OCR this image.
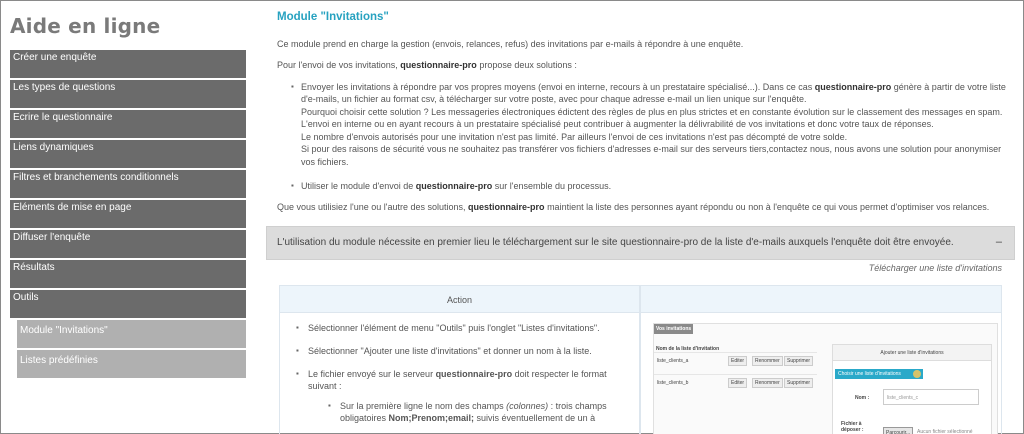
Aide en ligne
Créer une enquête
Les types de questions
Ecrire le questionnaire
Liens dynamiques
Filtres et branchements conditionnels
Eléments de mise en page
Diffuser l'enquête
Résultats
Outils
Module "Invitations"
Listes prédéfinies
Module "Invitations"

Ce module prend en charge la gestion (envois, relances, refus) des invitations par e-mails à répondre à une enquête.

Pour l'envoi de vos invitations, questionnaire-pro propose deux solutions :

▪ Envoyer les invitations à répondre par vos propres moyens (envoi en interne, recours à un prestataire spécialisé...). Dans ce cas questionnaire-pro génère à partir de votre liste d'e-mails, un fichier au format csv, à télécharger sur votre poste, avec pour chaque adresse e-mail un lien unique sur l'enquête.
Pourquoi choisir cette solution ? Les messageries électroniques édictent des règles de plus en plus strictes et en constante évolution sur le classement des messages en spam.
L'envoi en interne ou en ayant recours à un prestataire spécialisé peut contribuer à augmenter la délivrabilité de vos invitations et donc votre taux de réponses.
Le nombre d'envois autorisés pour une invitation n'est pas limité. Par ailleurs l'envoi de ces invitations n'est pas décompté de votre solde.
Si pour des raisons de sécurité vous ne souhaitez pas transférer vos fichiers d'adresses e-mail sur des serveurs tiers,contactez nous, nous avons une solution pour anonymiser vos fichiers.
▪ Utiliser le module d'envoi de questionnaire-pro sur l'ensemble du processus.

Que vous utilisiez l'une ou l'autre des solutions, questionnaire-pro maintient la liste des personnes ayant répondu ou non à l'enquête ce qui vous permet d'optimiser vos relances.

L'utilisation du module nécessite en premier lieu le téléchargement sur le site questionnaire-pro de la liste d'e-mails auxquels l'enquête doit être envoyée.	–
Télécharger une liste d'invitations
Action
▪ Sélectionner l'élément de menu "Outils" puis l'onglet "Listes d'invitations".
▪ Sélectionner "Ajouter une liste d'invitations" et donner un nom à la liste.
▪ Le fichier envoyé sur le serveur questionnaire-pro doit respecter le format suivant :
▪ Sur la première ligne le nom des champs (colonnes) : trois champs obligatoires Nom;Prenom;email; suivis éventuellement de un à
Vos invitations
Nom de la liste d'invitation
liste_clients_a	Editer	Renommer	Supprimer
liste_clients_b	Editer	Renommer	Supprimer
Ajouter une liste d'invitations
Choisir une liste d'invitations
Nom :	liste_clients_c
Fichier à déposer :	Parcourir...	Aucun fichier sélectionné
